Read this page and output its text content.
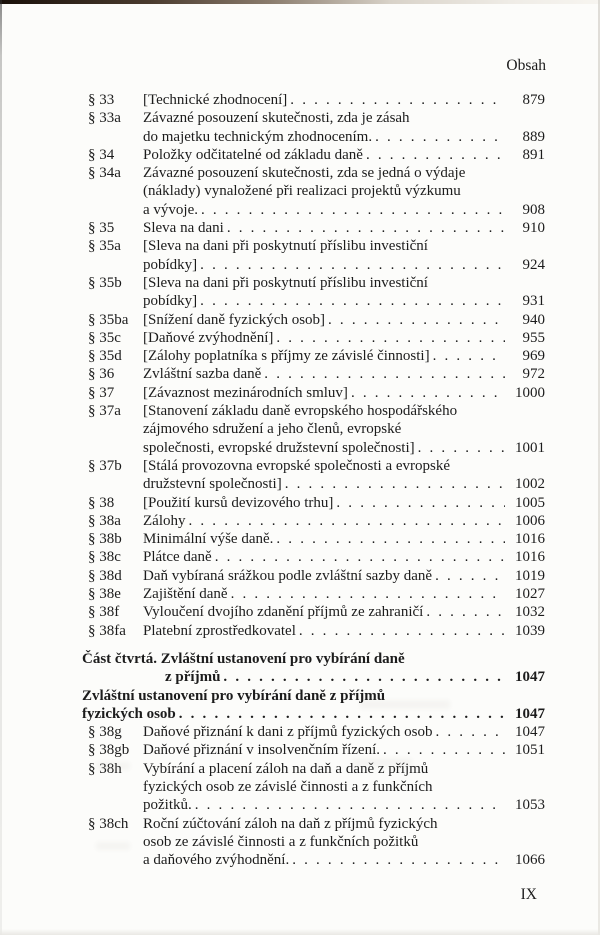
Obsah
§ 33	[Technické zhodnocení] . . .	879
§ 33a	Závazné posouzení skutečnosti, zda je zásah
do majetku technickým zhodnocením. . . .	889
§ 34	Položky odčitatelné od základu daně . . .	891
§ 34a	Závazné posouzení skutečnosti, zda se jedná o výdaje
(náklady) vynaložené při realizaci projektů výzkumu
a vývoje. . . .	908
§ 35	Sleva na dani . . .	910
§ 35a	[Sleva na dani při poskytnutí příslibu investiční
pobídky] . . .	924
§ 35b	[Sleva na dani při poskytnutí příslibu investiční
pobídky] . . .	931
§ 35ba [Snížení daně fyzických osob] . . .	940
§ 35c	[Daňové zvýhodnění] . . .	955
§ 35d	[Zálohy poplatníka s příjmy ze závislé činnosti] . . .	969
§ 36	Zvláštní sazba daně . . .	972
§ 37	[Závaznost mezinárodních smluv] . . .	1000
§ 37a	[Stanovení základu daně evropského hospodářského
zájmového sdružení a jeho členů, evropské
společnosti, evropské družstevní společnosti] . . .	1001
§ 37b	[Stálá provozovna evropské společnosti a evropské
družstevní společnosti] . . .	1002
§ 38	[Použití kursů devizového trhu] . . .	1005
§ 38a	Zálohy . . .	1006
§ 38b	Minimální výše daně. . . .	1016
§ 38c	Plátce daně . . .	1016
§ 38d	Daň vybíraná srážkou podle zvláštní sazby daně . . .	1019
§ 38e	Zajištění daně . . .	1027
§ 38f	Vyloučení dvojího zdanění příjmů ze zahraničí . . .	1032
§ 38fa	Platební zprostředkovatel . . .	1039
Část čtvrtá. Zvláštní ustanovení pro vybírání daně
z příjmů . . .	1047
Zvláštní ustanovení pro vybírání daně z příjmů
fyzických osob . . .	1047
§ 38g	Daňové přiznání k dani z příjmů fyzických osob . . .	1047
§ 38gb Daňové přiznání v insolvenčním řízení. . . .	1051
§ 38h	Vybírání a placení záloh na daň a daně z příjmů
fyzických osob ze závislé činnosti a z funkčních
požitků. . . .	1053
§ 38ch Roční zúčtování záloh na daň z příjmů fyzických
osob ze závislé činnosti a z funkčních požitků
a daňového zvýhodnění. . . .	1066
IX
